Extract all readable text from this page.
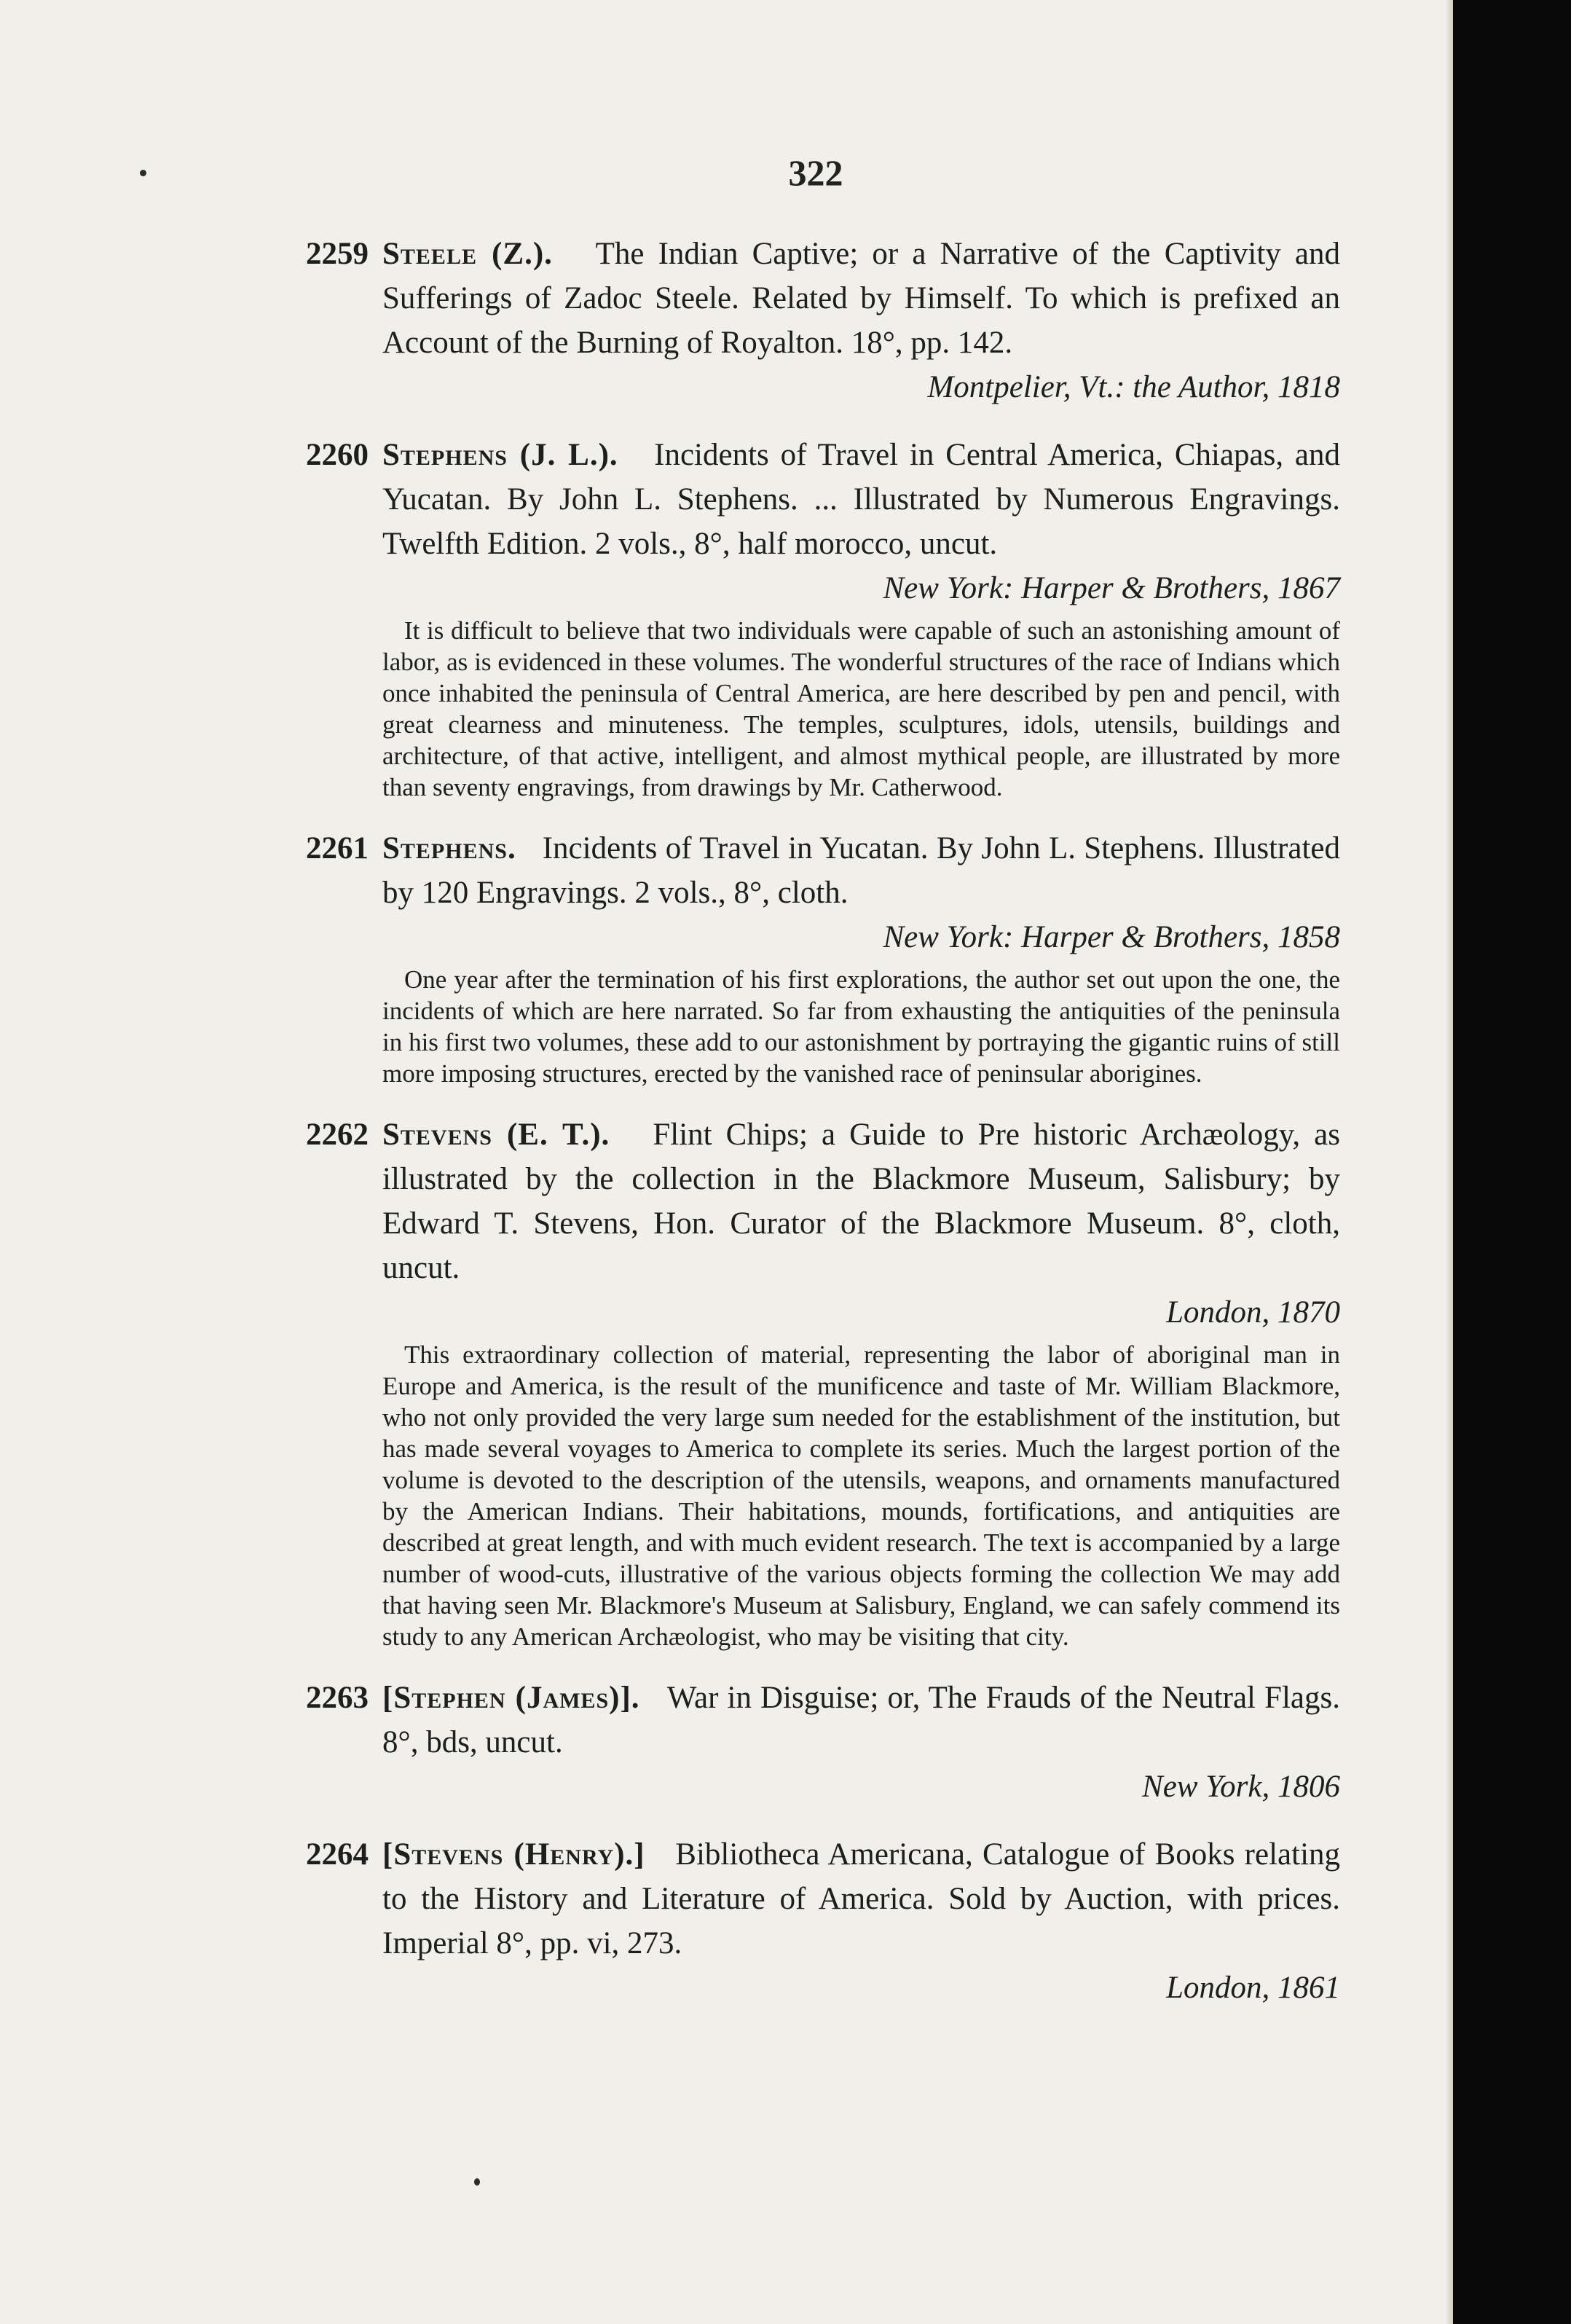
322
2259 Steele (Z.).   The Indian Captive; or a Narrative of the Captivity and Sufferings of Zadoc Steele. Related by Himself. To which is prefixed an Account of the Burning of Royalton. 18°, pp. 142.
Montpelier, Vt.: the Author, 1818
2260 Stephens (J. L.).   Incidents of Travel in Central America, Chiapas, and Yucatan. By John L. Stephens. ... Illustrated by Numerous Engravings. Twelfth Edition. 2 vols., 8°, half morocco, uncut.
New York: Harper & Brothers, 1867
It is difficult to believe that two individuals were capable of such an astonishing amount of labor, as is evidenced in these volumes. The wonderful structures of the race of Indians which once inhabited the peninsula of Central America, are here described by pen and pencil, with great clearness and minuteness. The temples, sculptures, idols, utensils, buildings and architecture, of that active, intelligent, and almost mythical people, are illustrated by more than seventy engravings, from drawings by Mr. Catherwood.
2261 Stephens.   Incidents of Travel in Yucatan. By John L. Stephens. Illustrated by 120 Engravings. 2 vols., 8°, cloth.
New York: Harper & Brothers, 1858
One year after the termination of his first explorations, the author set out upon the one, the incidents of which are here narrated. So far from exhausting the antiquities of the peninsula in his first two volumes, these add to our astonishment by portraying the gigantic ruins of still more imposing structures, erected by the vanished race of peninsular aborigines.
2262 Stevens (E. T.).   Flint Chips; a Guide to Pre historic Archæology, as illustrated by the collection in the Blackmore Museum, Salisbury; by Edward T. Stevens, Hon. Curator of the Blackmore Museum. 8°, cloth, uncut.
London, 1870
This extraordinary collection of material, representing the labor of aboriginal man in Europe and America, is the result of the munificence and taste of Mr. William Blackmore, who not only provided the very large sum needed for the establishment of the institution, but has made several voyages to America to complete its series. Much the largest portion of the volume is devoted to the description of the utensils, weapons, and ornaments manufactured by the American Indians. Their habitations, mounds, fortifications, and antiquities are described at great length, and with much evident research. The text is accompanied by a large number of wood-cuts, illustrative of the various objects forming the collection We may add that having seen Mr. Blackmore's Museum at Salisbury, England, we can safely commend its study to any American Archæologist, who may be visiting that city.
2263 [Stephen (James)].   War in Disguise; or, The Frauds of the Neutral Flags. 8°, bds, uncut.
New York, 1806
2264 [Stevens (Henry).]   Bibliotheca Americana, Catalogue of Books relating to the History and Literature of America. Sold by Auction, with prices. Imperial 8°, pp. vi, 273.
London, 1861
